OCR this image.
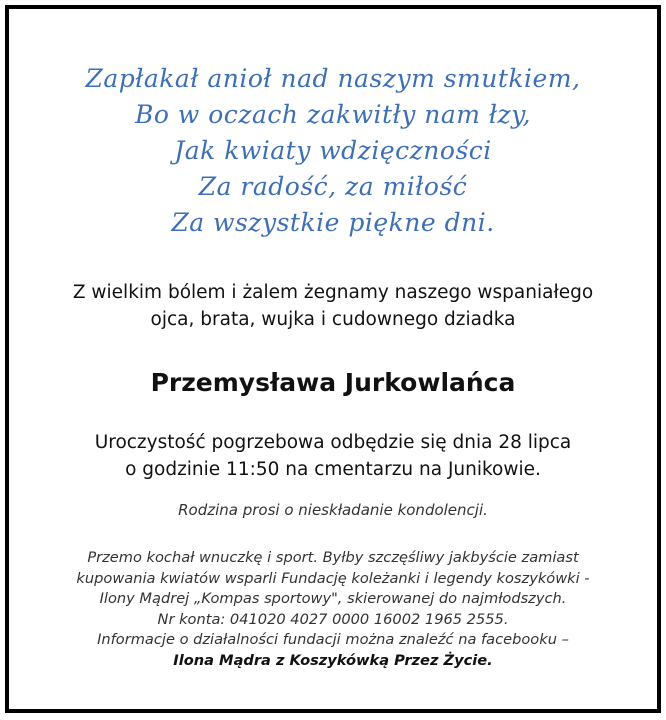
Zapłakał anioł nad naszym smutkiem,
Bo w oczach zakwitły nam łzy,
Jak kwiaty wdzięczności
Za radość, za miłość
Za wszystkie piękne dni.
Z wielkim bólem i żalem żegnamy naszego wspaniałego
ojca, brata, wujka i cudownego dziadka
Przemysława Jurkowlańca
Uroczystość pogrzebowa odbędzie się dnia 28 lipca
o godzinie 11:50 na cmentarzu na Junikowie.
Rodzina prosi o nieskładanie kondolencji.
Przemo kochał wnuczkę i sport. Byłby szczęśliwy jakbyście zamiast
kupowania kwiatów wsparli Fundację koleżanki i legendy koszykówki -
Ilony Mądrej „Kompas sportowy", skierowanej do najmłodszych.
Nr konta: 041020 4027 0000 16002 1965 2555.
Informacje o działalności fundacji można znaleźć na facebooku –
Ilona Mądra z Koszykówką Przez Życie.
